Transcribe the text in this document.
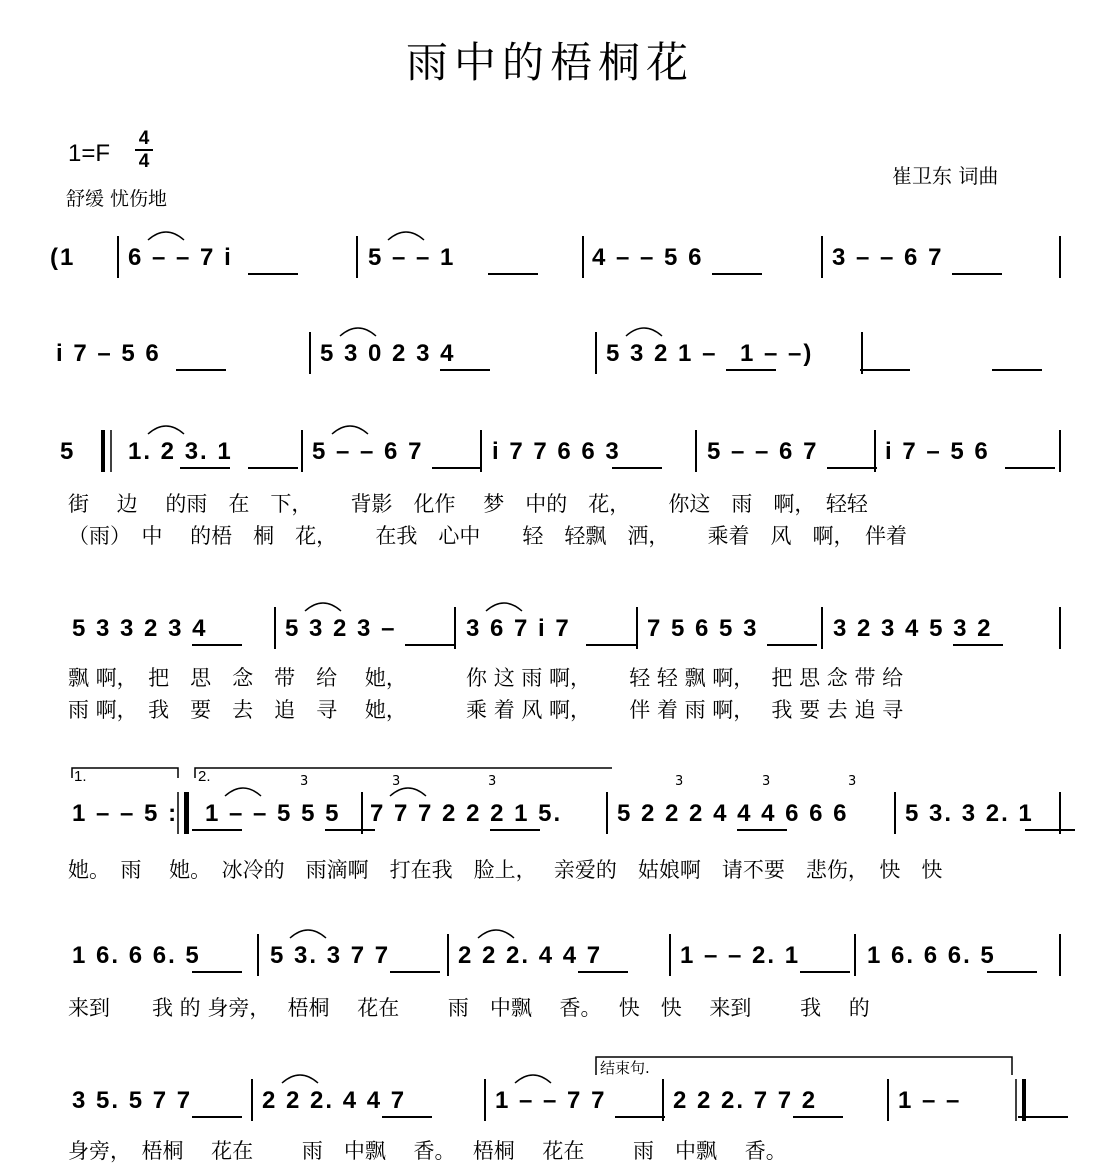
雨中的梧桐花
1=F
4
4
舒缓 忧伤地
崔卫东 词曲
(1 6 – – 7 i	5 – – 1	4 – – 5 6	3 – – 6 7
i 7 – 5 6	5 3 0 2 3 4	5 3 2 1 – 1 – –)
5 1. 2 3. 1	5 – – 6 7	i 7 7 6 6 3	5 – – 6 7	i 7 – 5 6
街　 边　 的雨　在　下，　　 背影　化作　 梦　中的　花，　　 你这　雨　啊，　轻轻
（雨）　中　 的梧　桐　花，　　 在我　心中　　轻　轻飘　洒，　　 乘着　风　啊，　伴着
5 3 3 2 3 4	5 3 2 3 –	3 6 7 i 7	7 5 6 5 3	3 2 3 4 5 3 2
飘 啊，　把　思　念　带　给　 她，　　　 你 这 雨 啊，　　 轻 轻 飘 啊，　 把 思 念 带 给
雨 啊，　我　要　去　追　寻　 她，　　　 乘 着 风 啊，　　 伴 着 雨 啊，　 我 要 去 追 寻
1 – – 5 : 1 – – 5 5 5 7 7 7 2 2 2 1 5. 5 2 2 2 4 4 4 6 6 6 5 3. 3 2. 1
1.	2.	3	3	3	3	3	3
她。　雨　 她。　冰冷的　雨滴啊　打在我　脸上，　 亲爱的　姑娘啊　请不要　悲伤，　快　快
1 6. 6 6. 5	5 3. 3 7 7	2 2 2. 4 4 7	1 – – 2. 1	1 6. 6 6. 5
来到　　我 的 身旁，　 梧桐　 花在　　 雨　中飘　 香。　 快　快　 来到　　 我　 的
3 5. 5 7 7	2 2 2. 4 4 7	1 – – 7 7	2 2 2. 7 7 2	1 – –
结束句.
身旁，　梧桐　 花在　　 雨　中飘　 香。　 梧桐　 花在　　 雨　中飘　 香。
